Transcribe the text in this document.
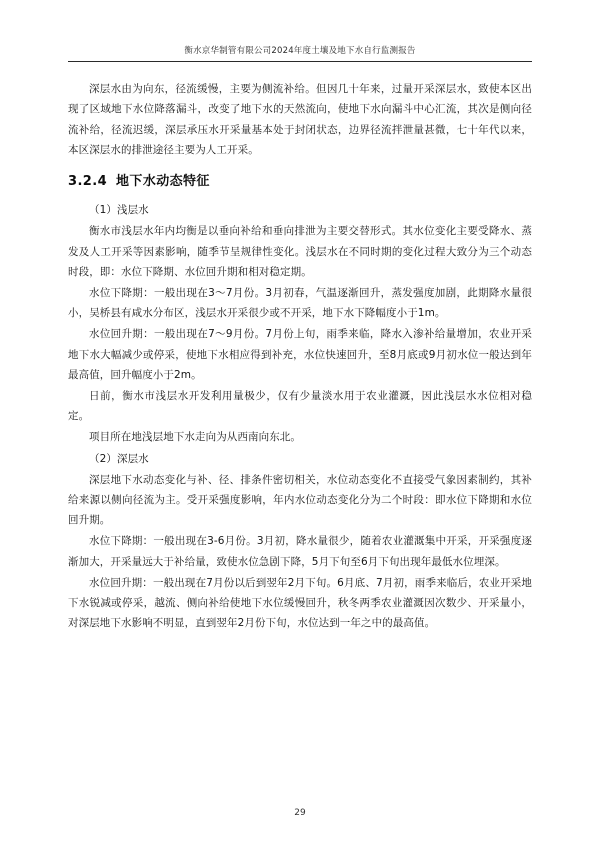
衡水京华制管有限公司2024年度土壤及地下水自行监测报告

深层水由为向东，径流缓慢，主要为侧流补给。但因几十年来，过量开采深层水，致使本区出现了区域地下水位降落漏斗，改变了地下水的天然流向，使地下水向漏斗中心汇流，其次是侧向径流补给，径流迟缓，深层承压水开采量基本处于封闭状态，边界径流拌泄量甚微，七十年代以来，本区深层水的排泄途径主要为人工开采。

3.2.4 地下水动态特征

（1）浅层水

衡水市浅层水年内均衡是以垂向补给和垂向排泄为主要交替形式。其水位变化主要受降水、蒸发及人工开采等因素影响，随季节呈规律性变化。浅层水在不同时期的变化过程大致分为三个动态时段，即：水位下降期、水位回升期和相对稳定期。

水位下降期：一般出现在3～7月份。3月初春，气温逐渐回升，蒸发强度加剧，此期降水量很小，吴桥县有咸水分布区，浅层水开采很少或不开采，地下水下降幅度小于1m。

水位回升期：一般出现在7～9月份。7月份上旬，雨季来临，降水入渗补给量增加，农业开采地下水大幅减少或停采，使地下水相应得到补充，水位快速回升，至8月底或9月初水位一般达到年最高值，回升幅度小于2m。

日前，衡水市浅层水开发利用量极少，仅有少量淡水用于农业灌溉，因此浅层水水位相对稳定。

项目所在地浅层地下水走向为从西南向东北。

（2）深层水

深层地下水动态变化与补、径、排条件密切相关，水位动态变化不直接受气象因素制约，其补给来源以侧向径流为主。受开采强度影响，年内水位动态变化分为二个时段：即水位下降期和水位回升期。

水位下降期：一般出现在3-6月份。3月初，降水量很少，随着农业灌溉集中开采，开采强度逐渐加大，开采量远大于补给量，致使水位急剧下降，5月下旬至6月下旬出现年最低水位埋深。

水位回升期：一般出现在7月份以后到翌年2月下旬。6月底、7月初，雨季来临后，农业开采地下水锐减或停采，越流、侧向补给使地下水位缓慢回升，秋冬两季农业灌溉因次数少、开采量小，对深层地下水影响不明显，直到翌年2月份下旬，水位达到一年之中的最高值。

29
